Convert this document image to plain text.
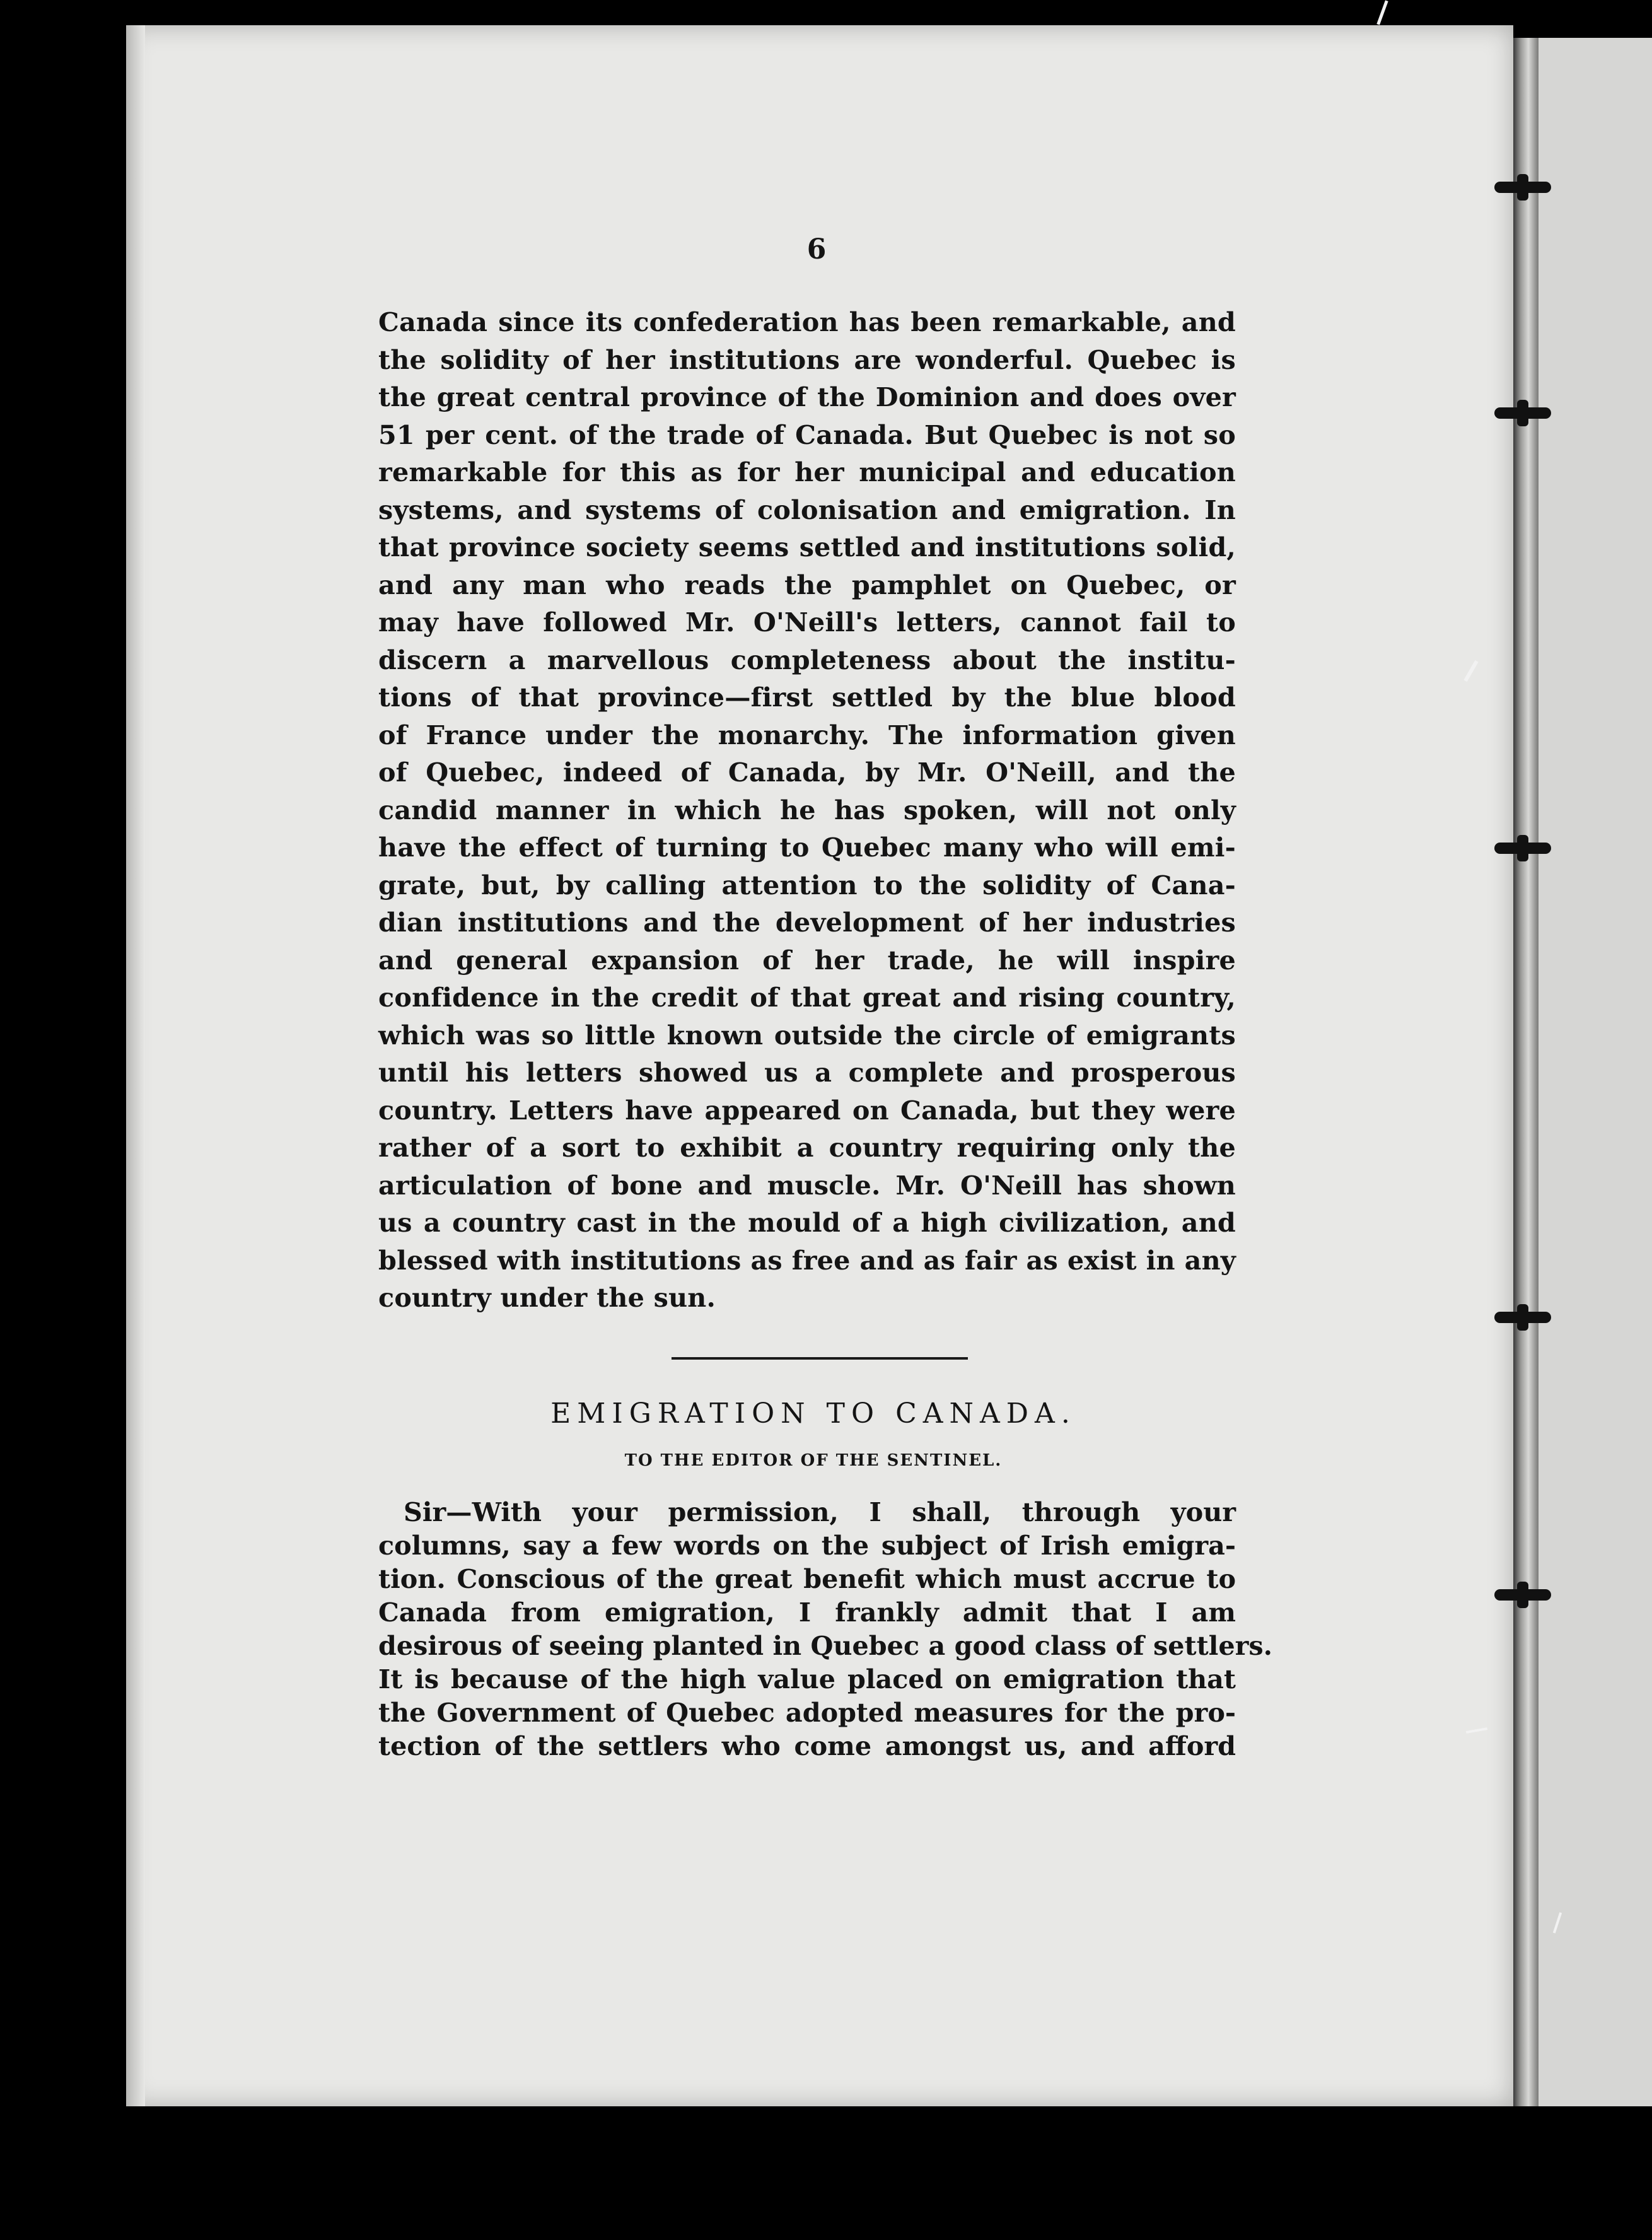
6
Canada since its confederation has been remarkable, and
the solidity of her institutions are wonderful. Quebec is
the great central province of the Dominion and does over
51 per cent. of the trade of Canada. But Quebec is not so
remarkable for this as for her municipal and education
systems, and systems of colonisation and emigration. In
that province society seems settled and institutions solid,
and any man who reads the pamphlet on Quebec, or
may have followed Mr. O'Neill's letters, cannot fail to
discern a marvellous completeness about the institu-
tions of that province—first settled by the blue blood
of France under the monarchy. The information given
of Quebec, indeed of Canada, by Mr. O'Neill, and the
candid manner in which he has spoken, will not only
have the effect of turning to Quebec many who will emi-
grate, but, by calling attention to the solidity of Cana-
dian institutions and the development of her industries
and general expansion of her trade, he will inspire
confidence in the credit of that great and rising country,
which was so little known outside the circle of emigrants
until his letters showed us a complete and prosperous
country. Letters have appeared on Canada, but they were
rather of a sort to exhibit a country requiring only the
articulation of bone and muscle. Mr. O'Neill has shown
us a country cast in the mould of a high civilization, and
blessed with institutions as free and as fair as exist in any
country under the sun.
EMIGRATION TO CANADA.
TO THE EDITOR OF THE SENTINEL.
Sir—With your permission, I shall, through your
columns, say a few words on the subject of Irish emigra-
tion. Conscious of the great benefit which must accrue to
Canada from emigration, I frankly admit that I am
desirous of seeing planted in Quebec a good class of settlers.
It is because of the high value placed on emigration that
the Government of Quebec adopted measures for the pro-
tection of the settlers who come amongst us, and afford
